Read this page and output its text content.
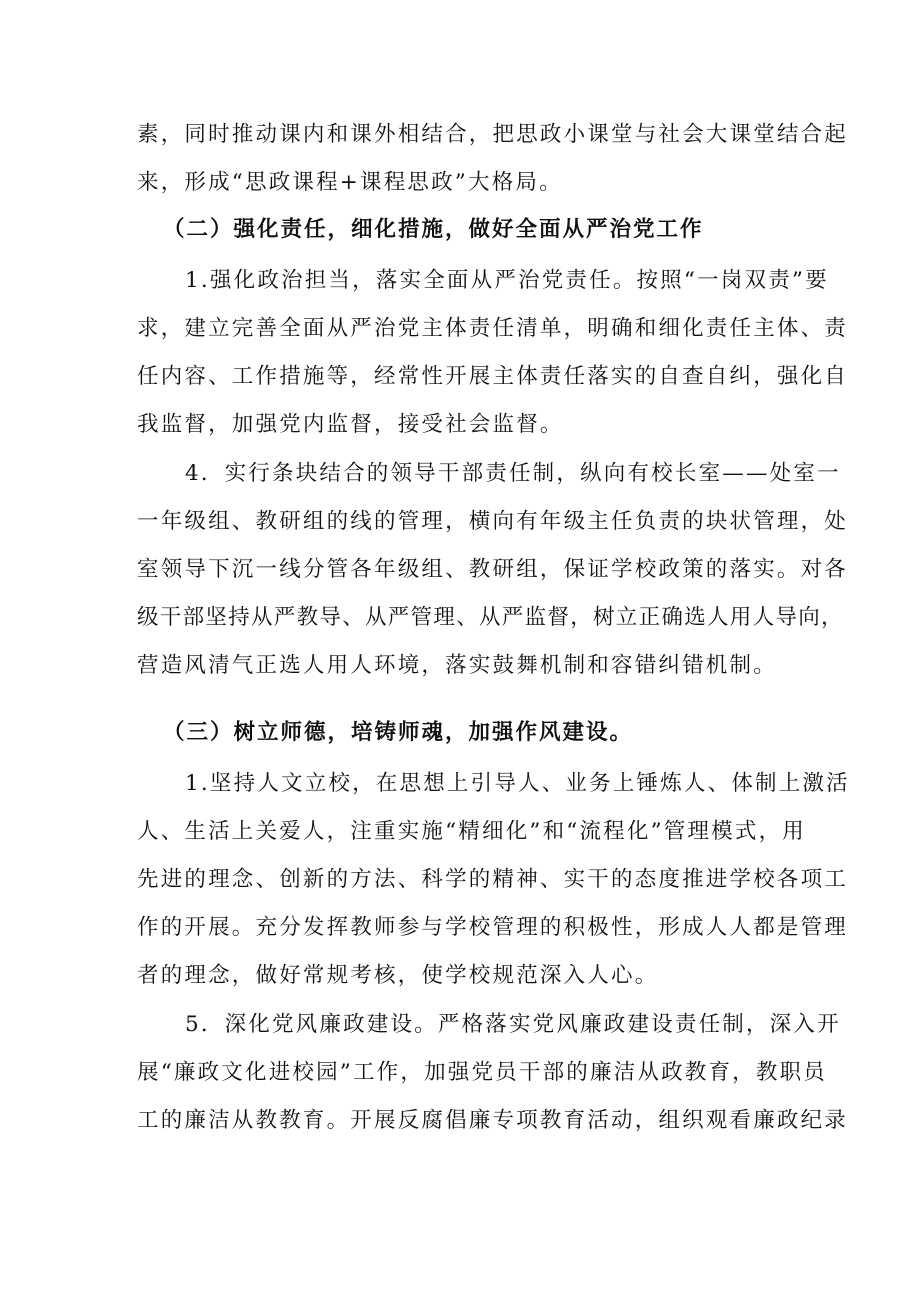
素，同时推动课内和课外相结合，把思政小课堂与社会大课堂结合起
来，形成“思政课程+课程思政”大格局。
（二）强化责任，细化措施，做好全面从严治党工作
1.强化政治担当，落实全面从严治党责任。按照“一岗双责”要
求，建立完善全面从严治党主体责任清单，明确和细化责任主体、责
任内容、工作措施等，经常性开展主体责任落实的自查自纠，强化自
我监督，加强党内监督，接受社会监督。
4．实行条块结合的领导干部责任制，纵向有校长室——处室一
一年级组、教研组的线的管理，横向有年级主任负责的块状管理，处
室领导下沉一线分管各年级组、教研组，保证学校政策的落实。对各
级干部坚持从严教导、从严管理、从严监督，树立正确选人用人导向，
营造风清气正选人用人环境，落实鼓舞机制和容错纠错机制。
（三）树立师德，培铸师魂，加强作风建设。
1.坚持人文立校，在思想上引导人、业务上锤炼人、体制上激活
人、生活上关爱人，注重实施“精细化”和“流程化”管理模式，用
先进的理念、创新的方法、科学的精神、实干的态度推进学校各项工
作的开展。充分发挥教师参与学校管理的积极性，形成人人都是管理
者的理念，做好常规考核，使学校规范深入人心。
5．深化党风廉政建设。严格落实党风廉政建设责任制，深入开
展“廉政文化进校园”工作，加强党员干部的廉洁从政教育，教职员
工的廉洁从教教育。开展反腐倡廉专项教育活动，组织观看廉政纪录
